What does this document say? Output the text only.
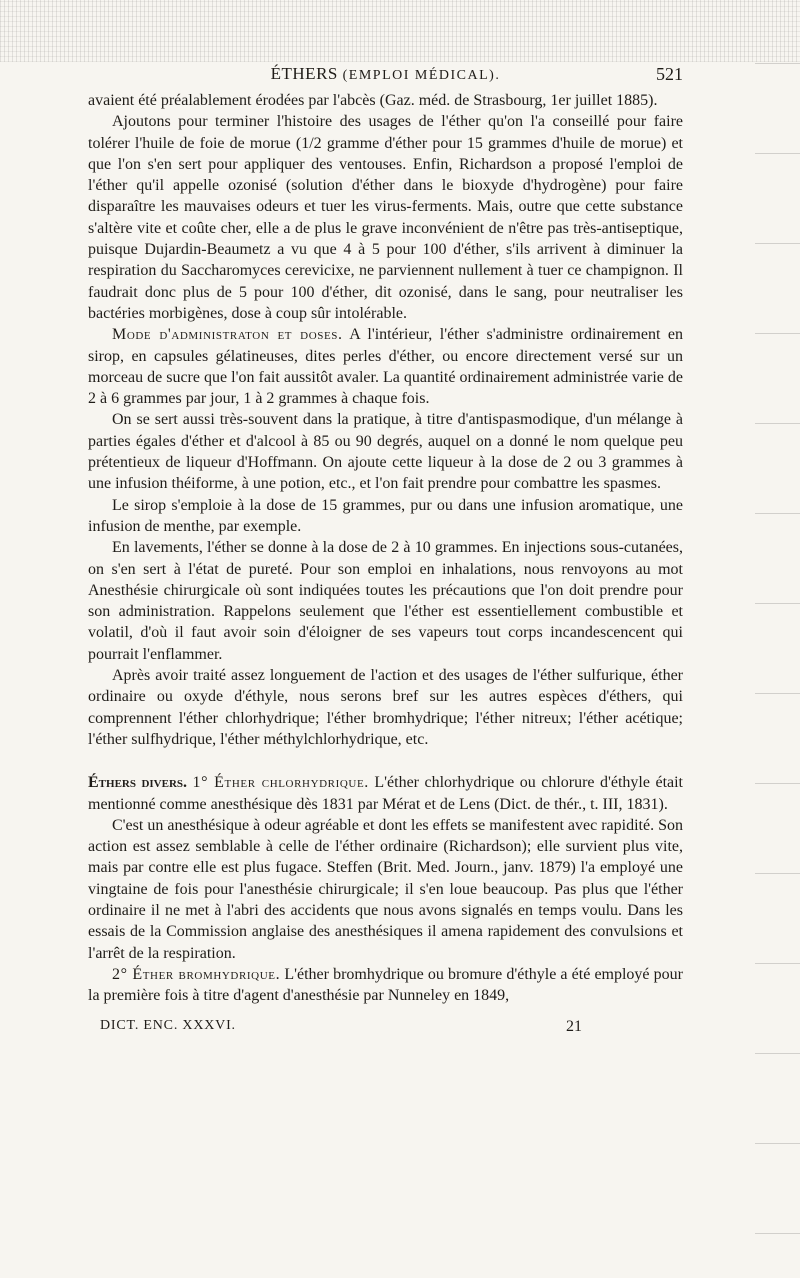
ÉTHERS (EMPLOI MÉDICAL).	521

avaient été préalablement érodées par l'abcès (Gaz. méd. de Strasbourg, 1er juillet 1885).

Ajoutons pour terminer l'histoire des usages de l'éther qu'on l'a conseillé pour faire tolérer l'huile de foie de morue (1/2 gramme d'éther pour 15 grammes d'huile de morue) et que l'on s'en sert pour appliquer des ventouses. Enfin, Richardson a proposé l'emploi de l'éther qu'il appelle ozonisé (solution d'éther dans le bioxyde d'hydrogène) pour faire disparaître les mauvaises odeurs et tuer les virus-ferments. Mais, outre que cette substance s'altère vite et coûte cher, elle a de plus le grave inconvénient de n'être pas très-antiseptique, puisque Dujardin-Beaumetz a vu que 4 à 5 pour 100 d'éther, s'ils arrivent à diminuer la respiration du Saccharomyces cerevicixe, ne parviennent nullement à tuer ce champignon. Il faudrait donc plus de 5 pour 100 d'éther, dit ozonisé, dans le sang, pour neutraliser les bactéries morbigènes, dose à coup sûr intolérable.

Mode d'administraton et doses. A l'intérieur, l'éther s'administre ordinairement en sirop, en capsules gélatineuses, dites perles d'éther, ou encore directement versé sur un morceau de sucre que l'on fait aussitôt avaler. La quantité ordinairement administrée varie de 2 à 6 grammes par jour, 1 à 2 grammes à chaque fois.

On se sert aussi très-souvent dans la pratique, à titre d'antispasmodique, d'un mélange à parties égales d'éther et d'alcool à 85 ou 90 degrés, auquel on a donné le nom quelque peu prétentieux de liqueur d'Hoffmann. On ajoute cette liqueur à la dose de 2 ou 3 grammes à une infusion théiforme, à une potion, etc., et l'on fait prendre pour combattre les spasmes.

Le sirop s'emploie à la dose de 15 grammes, pur ou dans une infusion aromatique, une infusion de menthe, par exemple.

En lavements, l'éther se donne à la dose de 2 à 10 grammes. En injections sous-cutanées, on s'en sert à l'état de pureté. Pour son emploi en inhalations, nous renvoyons au mot Anesthésie chirurgicale où sont indiquées toutes les précautions que l'on doit prendre pour son administration. Rappelons seulement que l'éther est essentiellement combustible et volatil, d'où il faut avoir soin d'éloigner de ses vapeurs tout corps incandescencent qui pourrait l'enflammer.

Après avoir traité assez longuement de l'action et des usages de l'éther sulfurique, éther ordinaire ou oxyde d'éthyle, nous serons bref sur les autres espèces d'éthers, qui comprennent l'éther chlorhydrique; l'éther bromhydrique; l'éther nitreux; l'éther acétique; l'éther sulfhydrique, l'éther méthylchlorhydrique, etc.

Éthers divers. 1° Éther chlorhydrique. L'éther chlorhydrique ou chlorure d'éthyle était mentionné comme anesthésique dès 1831 par Mérat et de Lens (Dict. de thér., t. III, 1831).

C'est un anesthésique à odeur agréable et dont les effets se manifestent avec rapidité. Son action est assez semblable à celle de l'éther ordinaire (Richardson); elle survient plus vite, mais par contre elle est plus fugace. Steffen (Brit. Med. Journ., janv. 1879) l'a employé une vingtaine de fois pour l'anesthésie chirurgicale; il s'en loue beaucoup. Pas plus que l'éther ordinaire il ne met à l'abri des accidents que nous avons signalés en temps voulu. Dans les essais de la Commission anglaise des anesthésiques il amena rapidement des convulsions et l'arrêt de la respiration.

2° Éther bromhydrique. L'éther bromhydrique ou bromure d'éthyle a été employé pour la première fois à titre d'agent d'anesthésie par Nunneley en 1849,

DICT. ENC. XXXVI.	21
